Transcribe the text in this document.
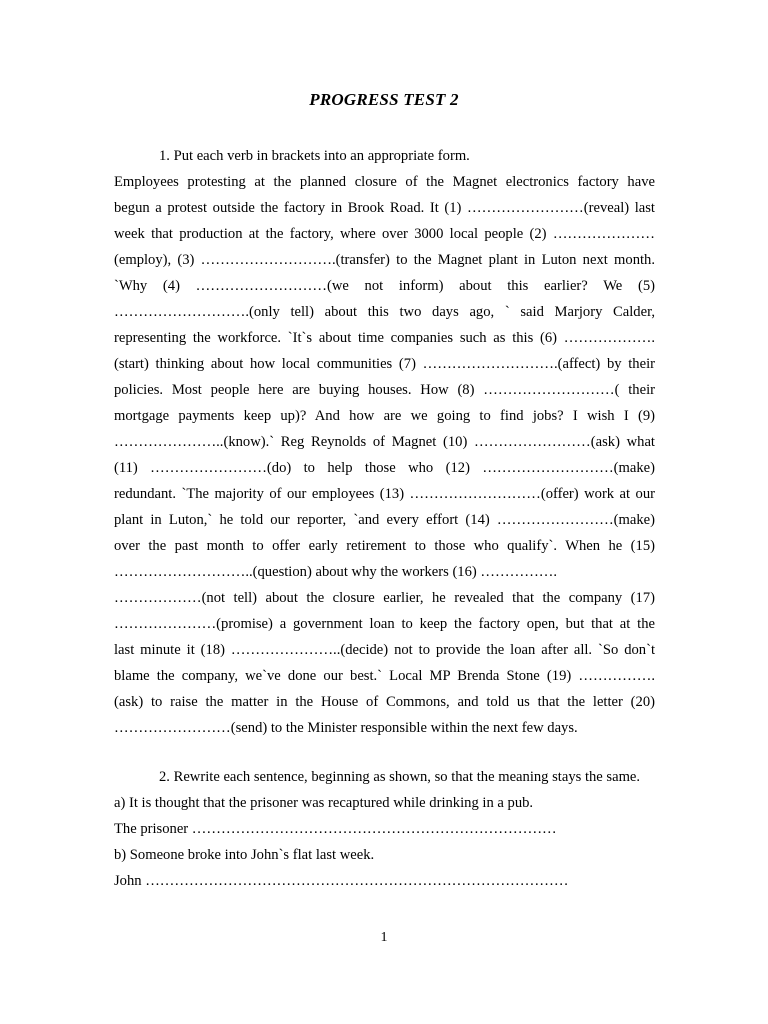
PROGRESS TEST 2
1. Put each verb in brackets into an appropriate form.
Employees protesting at the planned closure of the Magnet electronics factory have
begun a protest outside the factory in Brook Road. It (1) ……………………(reveal) last
week that production at the factory, where over 3000 local people (2) …………………
(employ), (3) ……………………….(transfer) to the Magnet plant in Luton next month.
`Why (4) ………………………(we not inform) about this earlier? We (5)
……………………….(only tell) about this two days ago, ` said Marjory Calder,
representing the workforce. `It`s about time companies such as this (6) ……………….
(start) thinking about how local communities (7) ……………………….(affect) by their
policies. Most people here are buying houses. How (8) ………………………( their
mortgage payments keep up)? And how are we going to find jobs? I wish I (9)
…………………..(know).` Reg Reynolds of Magnet (10) ……………………(ask) what
(11) ……………………(do) to help those who (12) ………………………(make)
redundant. `The majority of our employees (13) ………………………(offer) work at our
plant in Luton,` he told our reporter, `and every effort (14) ……………………(make)
over the past month to offer early retirement to those who qualify`. When he (15)
………………………..(question) about why the workers (16) …………….
………………(not tell) about the closure earlier, he revealed that the company (17)
…………………(promise) a government loan to keep the factory open, but that at the
last minute it (18) …………………..(decide) not to provide the loan after all. `So don`t
blame the company, we`ve done our best.` Local MP Brenda Stone (19) …………….
(ask) to raise the matter in the House of Commons, and told us that the letter (20)
……………………(send) to the Minister responsible within the next few days.
2. Rewrite each sentence, beginning as shown, so that the meaning stays the same.
a) It is thought that the prisoner was recaptured while drinking in a pub.
The prisoner …………………………………………………………………
b) Someone broke into John`s flat last week.
John ……………………………………………………………………………
1
